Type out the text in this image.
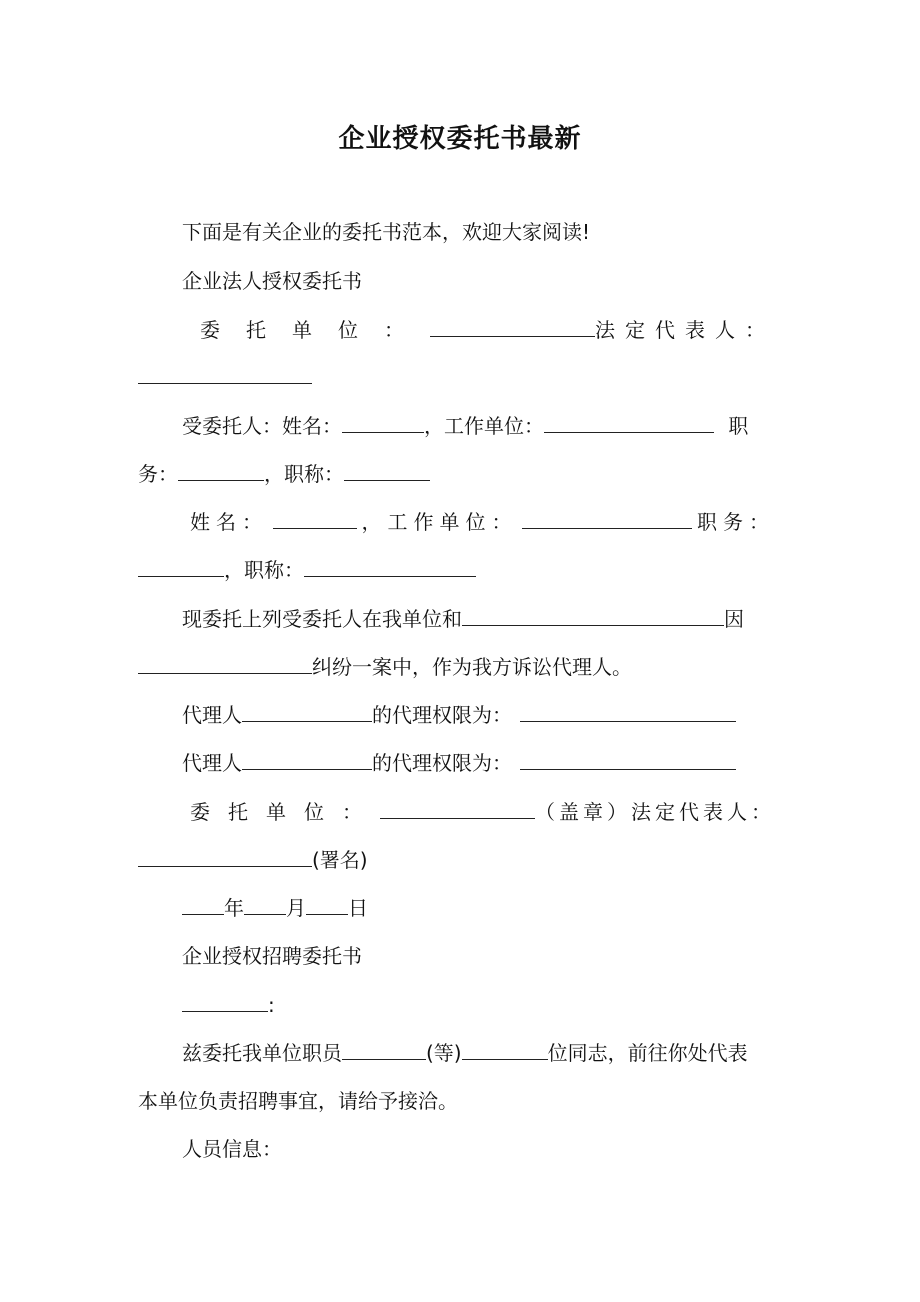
企业授权委托书最新
下面是有关企业的委托书范本，欢迎大家阅读!
企业法人授权委托书
委托单位：	法定代表人：
受委托人：姓名：	，工作单位：	职
务：	，职称：
姓名：	，工作单位：	职务：
，职称：
现委托上列受委托人在我单位和	因
纠纷一案中，作为我方诉讼代理人。
代理人	的代理权限为：
代理人	的代理权限为：
委托单位：	（盖章）法定代表人：
(署名)
年 月 日
企业授权招聘委托书
:
兹委托我单位职员	(等)	位同志，前往你处代表
本单位负责招聘事宜，请给予接洽。
人员信息：
